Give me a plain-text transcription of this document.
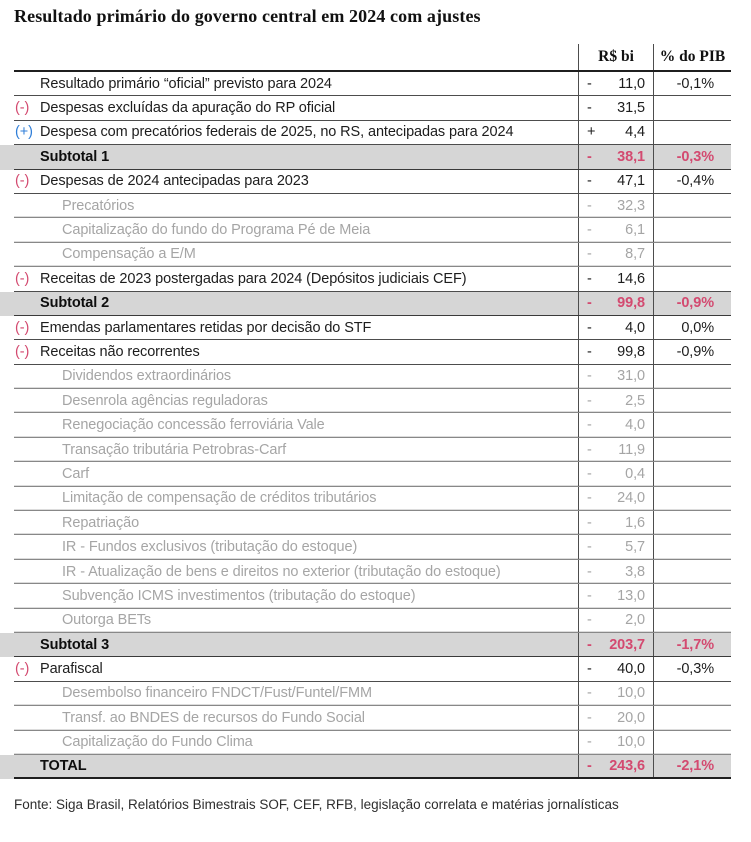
Resultado primário do governo central em 2024 com ajustes
R$ bi	% do PIB
Resultado primário “oficial” previsto para 2024	-	11,0	-0,1%
(-) Despesas excluídas da apuração do RP oficial	-	31,5
(+) Despesa com precatórios federais de 2025, no RS, antecipadas para 2024	+	4,4
Subtotal 1	-	38,1	-0,3%
(-) Despesas de 2024 antecipadas para 2023	-	47,1	-0,4%
Precatórios	-	32,3
Capitalização do fundo do Programa Pé de Meia	-	6,1
Compensação a E/M	-	8,7
(-) Receitas de 2023 postergadas para 2024 (Depósitos judiciais CEF)	-	14,6
Subtotal 2	-	99,8	-0,9%
(-) Emendas parlamentares retidas por decisão do STF	-	4,0	0,0%
(-) Receitas não recorrentes	-	99,8	-0,9%
Dividendos extraordinários	-	31,0
Desenrola agências reguladoras	-	2,5
Renegociação concessão ferroviária Vale	-	4,0
Transação tributária Petrobras-Carf	-	11,9
Carf	-	0,4
Limitação de compensação de créditos tributários	-	24,0
Repatriação	-	1,6
IR - Fundos exclusivos (tributação do estoque)	-	5,7
IR - Atualização de bens e direitos no exterior (tributação do estoque)	-	3,8
Subvenção ICMS investimentos (tributação do estoque)	-	13,0
Outorga BETs	-	2,0
Subtotal 3	-	203,7	-1,7%
(-) Parafiscal	-	40,0	-0,3%
Desembolso financeiro FNDCT/Fust/Funtel/FMM	-	10,0
Transf. ao BNDES de recursos do Fundo Social	-	20,0
Capitalização do Fundo Clima	-	10,0
TOTAL	-	243,6	-2,1%
Fonte: Siga Brasil, Relatórios Bimestrais SOF, CEF, RFB, legislação correlata e matérias jornalísticas
